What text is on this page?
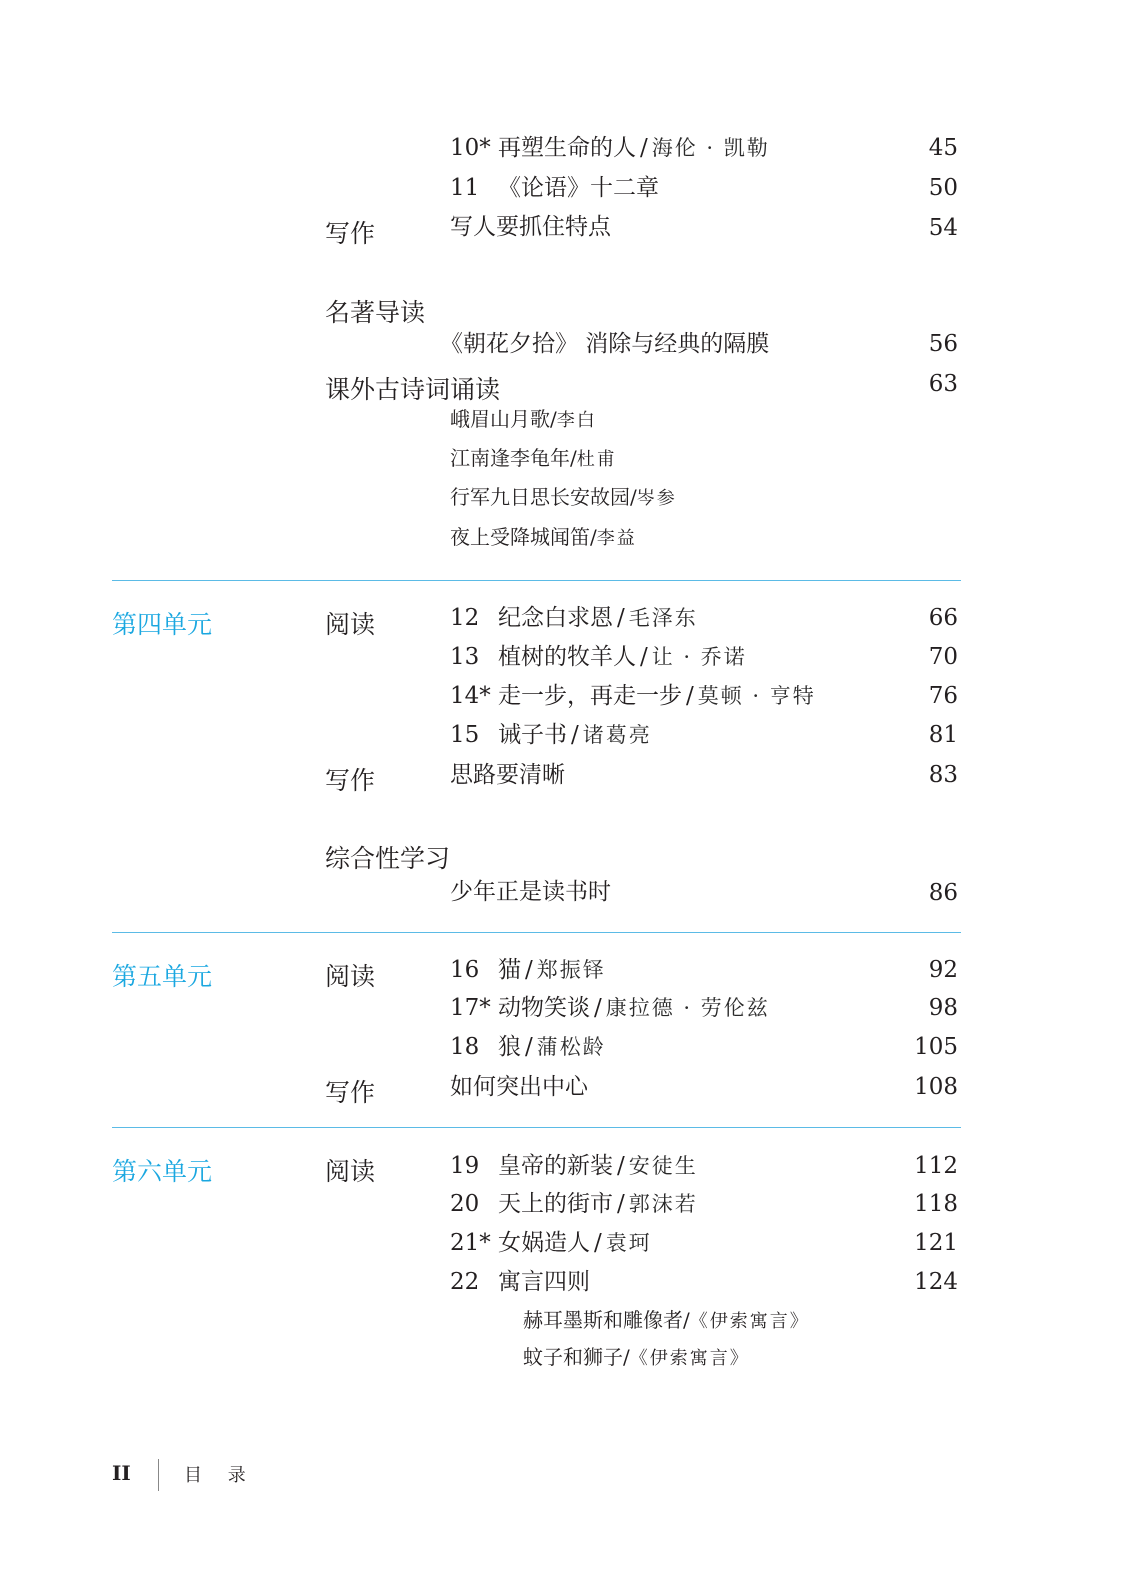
10* 再塑生命的人 / 海伦 · 凯勒	45
11 《论语》十二章	50
写作	写人要抓住特点	54
名著导读
《朝花夕拾》 消除与经典的隔膜	56
课外古诗词诵读	63
峨眉山月歌/李白
江南逢李龟年/杜甫
行军九日思长安故园/岑参
夜上受降城闻笛/李益
第四单元	阅读	12 纪念白求恩 / 毛泽东	66
13 植树的牧羊人 / 让 · 乔诺	70
14* 走一步，再走一步 / 莫顿 · 亨特	76
15 诫子书 / 诸葛亮	81
写作	思路要清晰	83
综合性学习
少年正是读书时	86
第五单元	阅读	16 猫 / 郑振铎	92
17* 动物笑谈 / 康拉德 · 劳伦兹	98
18 狼 / 蒲松龄	105
写作	如何突出中心	108
第六单元	阅读	19 皇帝的新装 / 安徒生	112
20 天上的街市 / 郭沫若	118
21* 女娲造人 / 袁珂	121
22 寓言四则	124
赫耳墨斯和雕像者/《伊索寓言》
蚊子和狮子/《伊索寓言》
II	目 录
